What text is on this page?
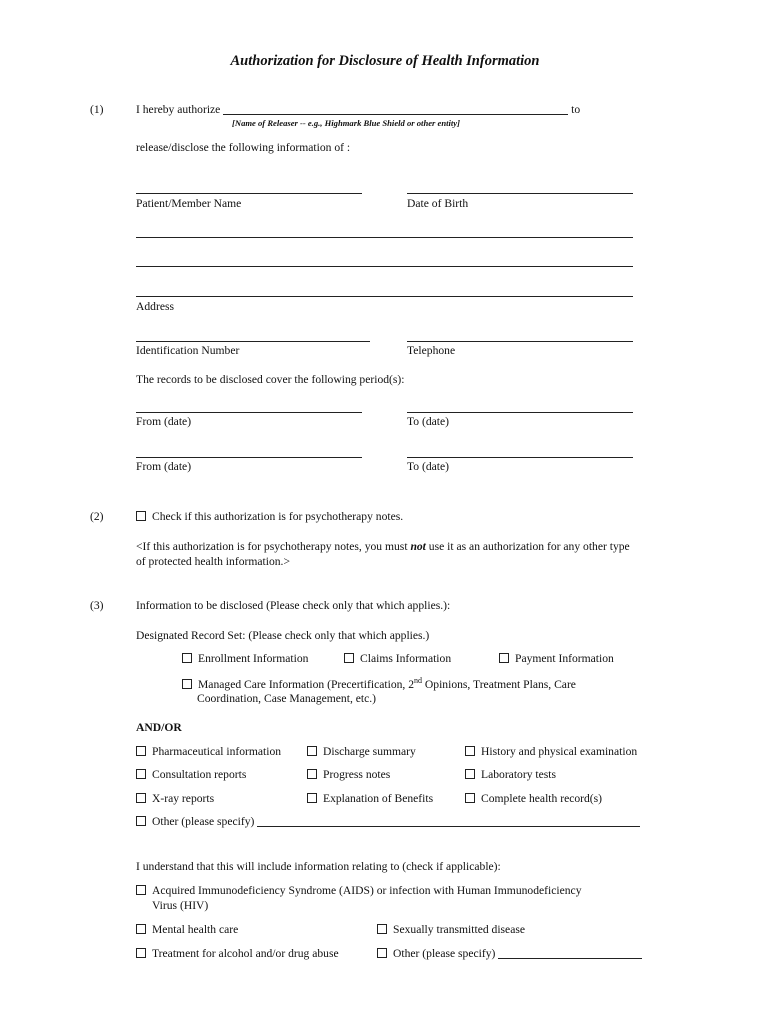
Authorization for Disclosure of Health Information
(1)	I hereby authorize	to
[Name of Releaser -- e.g., Highmark Blue Shield or other entity]
release/disclose the following information of :
Patient/Member Name	Date of Birth
Address
Identification Number	Telephone
The records to be disclosed cover the following period(s):
From (date)	To (date)
From (date)	To (date)
(2)	Check if this authorization is for psychotherapy notes.
<If this authorization is for psychotherapy notes, you must not use it as an authorization for any other type
of protected health information.>
(3)	Information to be disclosed (Please check only that which applies.):
Designated Record Set: (Please check only that which applies.)
Enrollment Information	Claims Information	Payment Information
Managed Care Information (Precertification, 2nd Opinions, Treatment Plans, Care
Coordination, Case Management, etc.)
AND/OR
Pharmaceutical information	Discharge summary	History and physical examination
Consultation reports	Progress notes	Laboratory tests
X-ray reports	Explanation of Benefits	Complete health record(s)
Other (please specify)
I understand that this will include information relating to (check if applicable):
Acquired Immunodeficiency Syndrome (AIDS) or infection with Human Immunodeficiency
Virus (HIV)
Mental health care	Sexually transmitted disease
Treatment for alcohol and/or drug abuse	Other (please specify)
